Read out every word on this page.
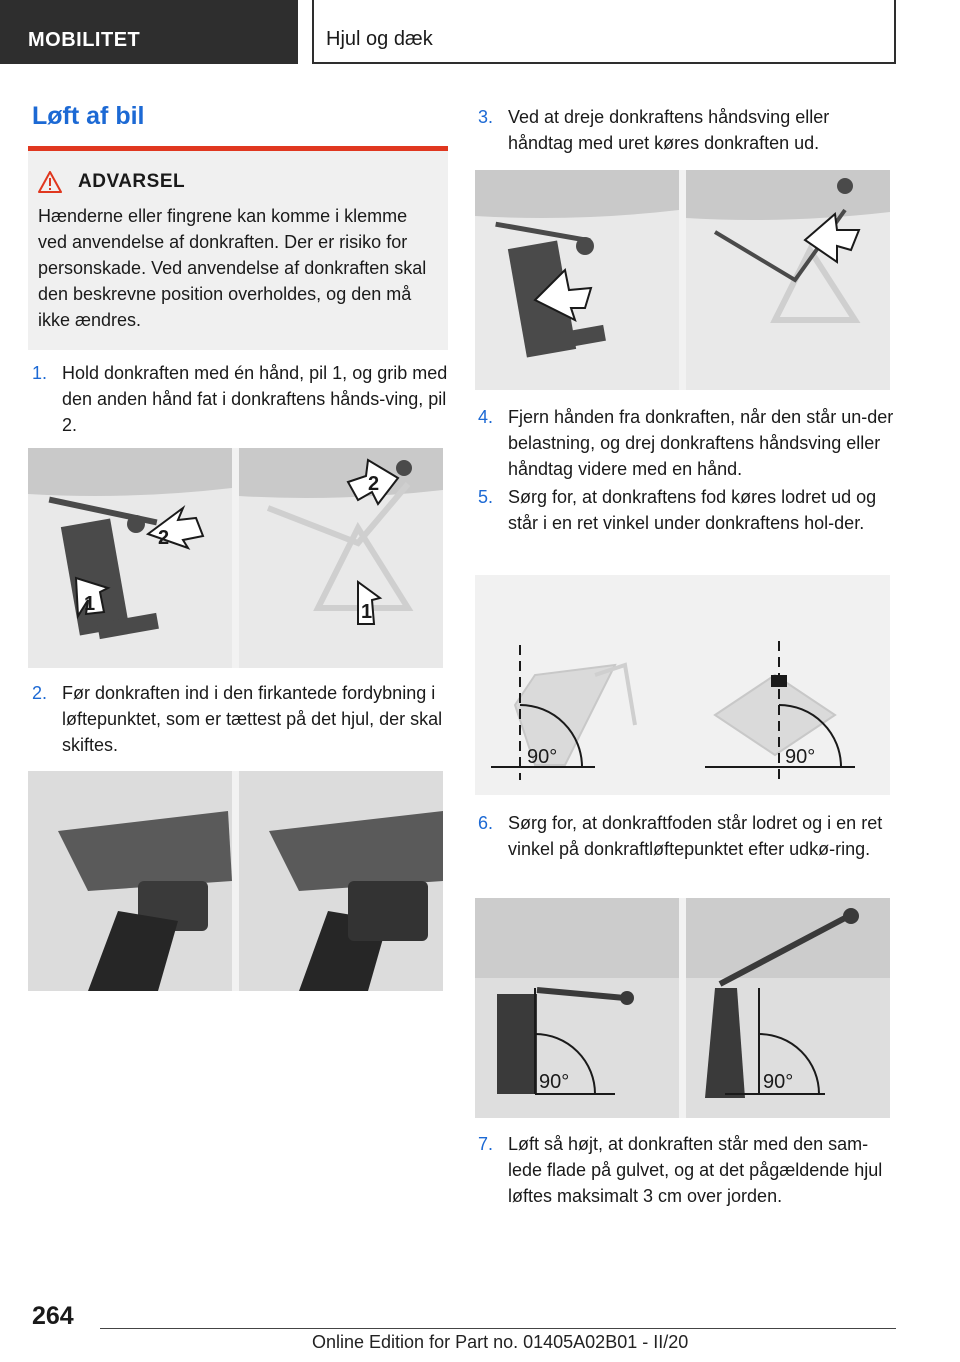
MOBILITET	Hjul og dæk
Løft af bil
ADVARSEL
Hænderne eller fingrene kan komme i klemme ved anvendelse af donkraften. Der er risiko for personskade. Ved anvendelse af donkraften skal den beskrevne position overholdes, og den må ikke ændres.
1. Hold donkraften med én hånd, pil 1, og grib med den anden hånd fat i donkraftens hånds‐ving, pil 2.
2
1
2
1
2. Før donkraften ind i den firkantede fordybning i løftepunktet, som er tættest på det hjul, der skal skiftes.
3. Ved at dreje donkraftens håndsving eller håndtag med uret køres donkraften ud.
4. Fjern hånden fra donkraften, når den står un‐der belastning, og drej donkraftens håndsving eller håndtag videre med en hånd.
5. Sørg for, at donkraftens fod køres lodret ud og står i en ret vinkel under donkraftens hol‐der.
90°	90°
6. Sørg for, at donkraftfoden står lodret og i en ret vinkel på donkraftløftepunktet efter udkø‐ring.
90°	90°
7. Løft så højt, at donkraften står med den sam‐lede flade på gulvet, og at det pågældende hjul løftes maksimalt 3 cm over jorden.
264
Online Edition for Part no. 01405A02B01 - II/20
